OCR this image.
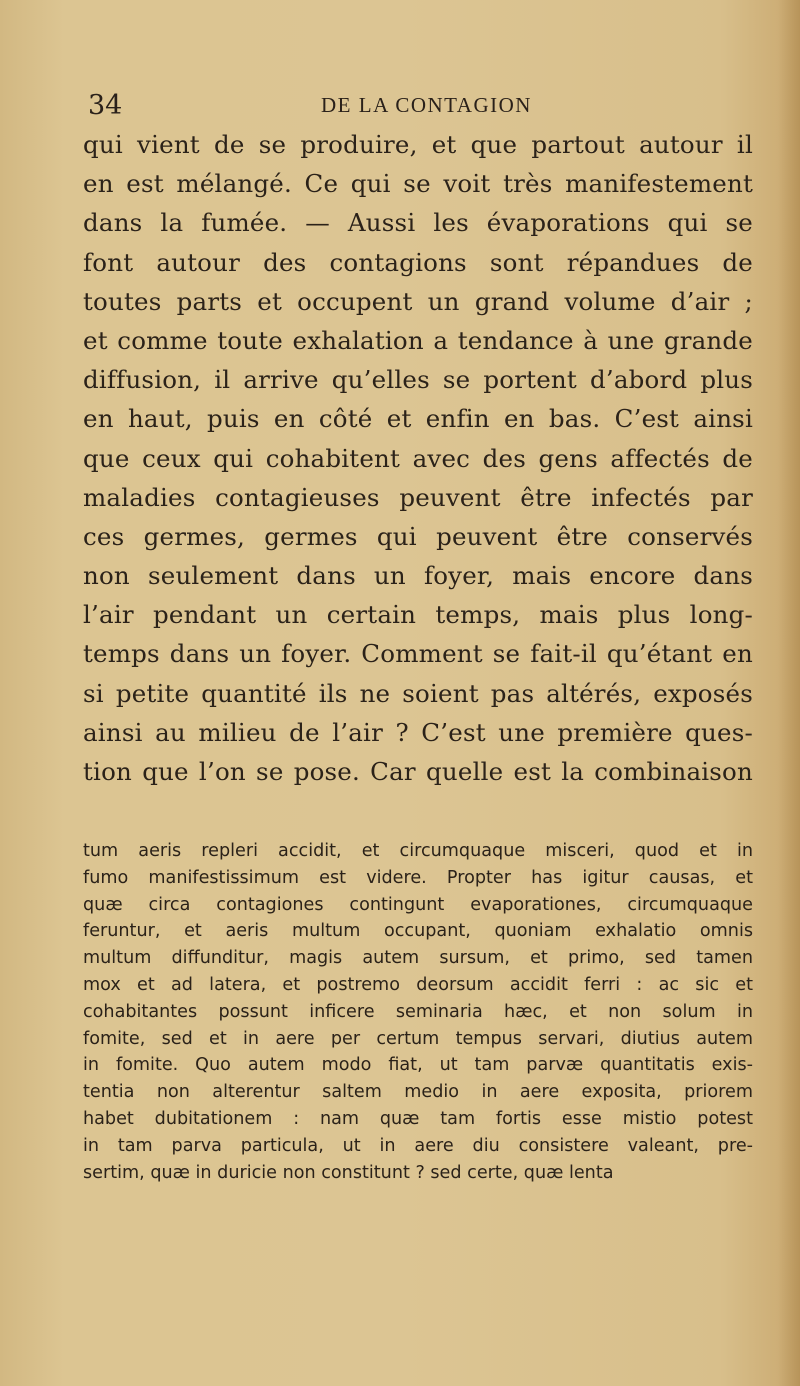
34	DE LA CONTAGION
qui vient de se produire, et que partout autour il
en est mélangé. Ce qui se voit très manifestement
dans la fumée. — Aussi les évaporations qui se
font autour des contagions sont répandues de
toutes parts et occupent un grand volume d’air ;
et comme toute exhalation a tendance à une grande
diffusion, il arrive qu’elles se portent d’abord plus
en haut, puis en côté et enfin en bas. C’est ainsi
que ceux qui cohabitent avec des gens affectés de
maladies contagieuses peuvent être infectés par
ces germes, germes qui peuvent être conservés
non seulement dans un foyer, mais encore dans
l’air pendant un certain temps, mais plus long-
temps dans un foyer. Comment se fait-il qu’étant en
si petite quantité ils ne soient pas altérés, exposés
ainsi au milieu de l’air ? C’est une première ques-
tion que l’on se pose. Car quelle est la combinaison
tum aeris repleri accidit, et circumquaque misceri, quod et in
fumo manifestissimum est videre. Propter has igitur causas, et
quæ circa contagiones contingunt evaporationes, circumquaque
feruntur, et aeris multum occupant, quoniam exhalatio omnis
multum diffunditur, magis autem sursum, et primo, sed tamen
mox et ad latera, et postremo deorsum accidit ferri : ac sic et
cohabitantes possunt inficere seminaria hæc, et non solum in
fomite, sed et in aere per certum tempus servari, diutius autem
in fomite. Quo autem modo fiat, ut tam parvæ quantitatis exis-
tentia non alterentur saltem medio in aere exposita, priorem
habet dubitationem : nam quæ tam fortis esse mistio potest
in tam parva particula, ut in aere diu consistere valeant, pre-
sertim, quæ in duricie non constitunt ? sed certe, quæ lenta
